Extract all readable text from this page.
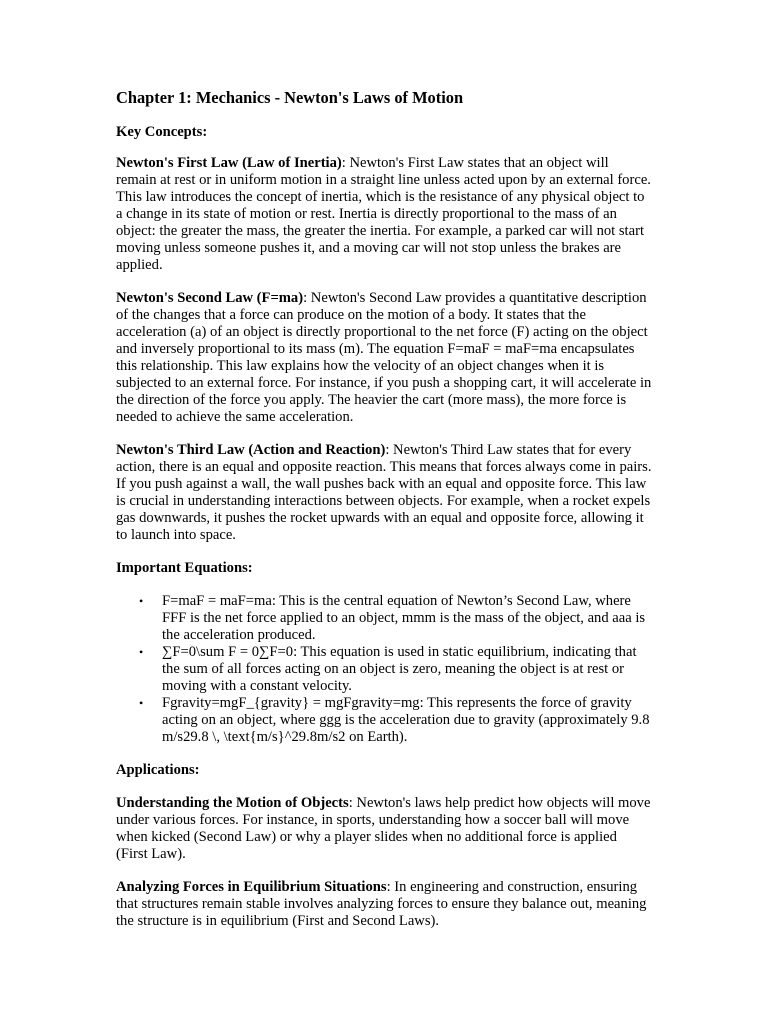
Chapter 1: Mechanics - Newton's Laws of Motion

Key Concepts:

Newton's First Law (Law of Inertia): Newton's First Law states that an object will remain at rest or in uniform motion in a straight line unless acted upon by an external force. This law introduces the concept of inertia, which is the resistance of any physical object to a change in its state of motion or rest. Inertia is directly proportional to the mass of an object: the greater the mass, the greater the inertia. For example, a parked car will not start moving unless someone pushes it, and a moving car will not stop unless the brakes are applied.

Newton's Second Law (F=ma): Newton's Second Law provides a quantitative description of the changes that a force can produce on the motion of a body. It states that the acceleration (a) of an object is directly proportional to the net force (F) acting on the object and inversely proportional to its mass (m). The equation F=maF = maF=ma encapsulates this relationship. This law explains how the velocity of an object changes when it is subjected to an external force. For instance, if you push a shopping cart, it will accelerate in the direction of the force you apply. The heavier the cart (more mass), the more force is needed to achieve the same acceleration.

Newton's Third Law (Action and Reaction): Newton's Third Law states that for every action, there is an equal and opposite reaction. This means that forces always come in pairs. If you push against a wall, the wall pushes back with an equal and opposite force. This law is crucial in understanding interactions between objects. For example, when a rocket expels gas downwards, it pushes the rocket upwards with an equal and opposite force, allowing it to launch into space.

Important Equations:

• F=maF = maF=ma: This is the central equation of Newton’s Second Law, where FFF is the net force applied to an object, mmm is the mass of the object, and aaa is the acceleration produced.
• ∑F=0\sum F = 0∑F=0: This equation is used in static equilibrium, indicating that the sum of all forces acting on an object is zero, meaning the object is at rest or moving with a constant velocity.
• Fgravity=mgF_{gravity} = mgFgravity=mg: This represents the force of gravity acting on an object, where ggg is the acceleration due to gravity (approximately 9.8 m/s29.8 \, \text{m/s}^29.8m/s2 on Earth).

Applications:

Understanding the Motion of Objects: Newton's laws help predict how objects will move under various forces. For instance, in sports, understanding how a soccer ball will move when kicked (Second Law) or why a player slides when no additional force is applied (First Law).

Analyzing Forces in Equilibrium Situations: In engineering and construction, ensuring that structures remain stable involves analyzing forces to ensure they balance out, meaning the structure is in equilibrium (First and Second Laws).
